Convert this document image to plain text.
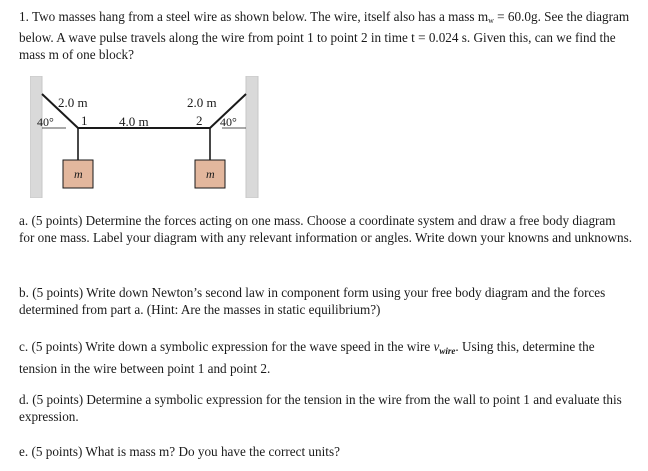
1. Two masses hang from a steel wire as shown below. The wire, itself also has a mass mw = 60.0g. See the diagram below. A wave pulse travels along the wire from point 1 to point 2 in time t = 0.024 s. Given this, can we find the mass m of one block?

2.0 m	2.0 m
4.0 m
40°	40°
1	2
m	m

a. (5 points) Determine the forces acting on one mass. Choose a coordinate system and draw a free body diagram for one mass. Label your diagram with any relevant information or angles. Write down your knowns and unknowns.

b. (5 points) Write down Newton’s second law in component form using your free body diagram and the forces determined from part a. (Hint: Are the masses in static equilibrium?)

c. (5 points) Write down a symbolic expression for the wave speed in the wire $v_{wire}$. Using this, determine the tension in the wire between point 1 and point 2.

d. (5 points) Determine a symbolic expression for the tension in the wire from the wall to point 1 and evaluate this expression.

e. (5 points) What is mass m? Do you have the correct units?
